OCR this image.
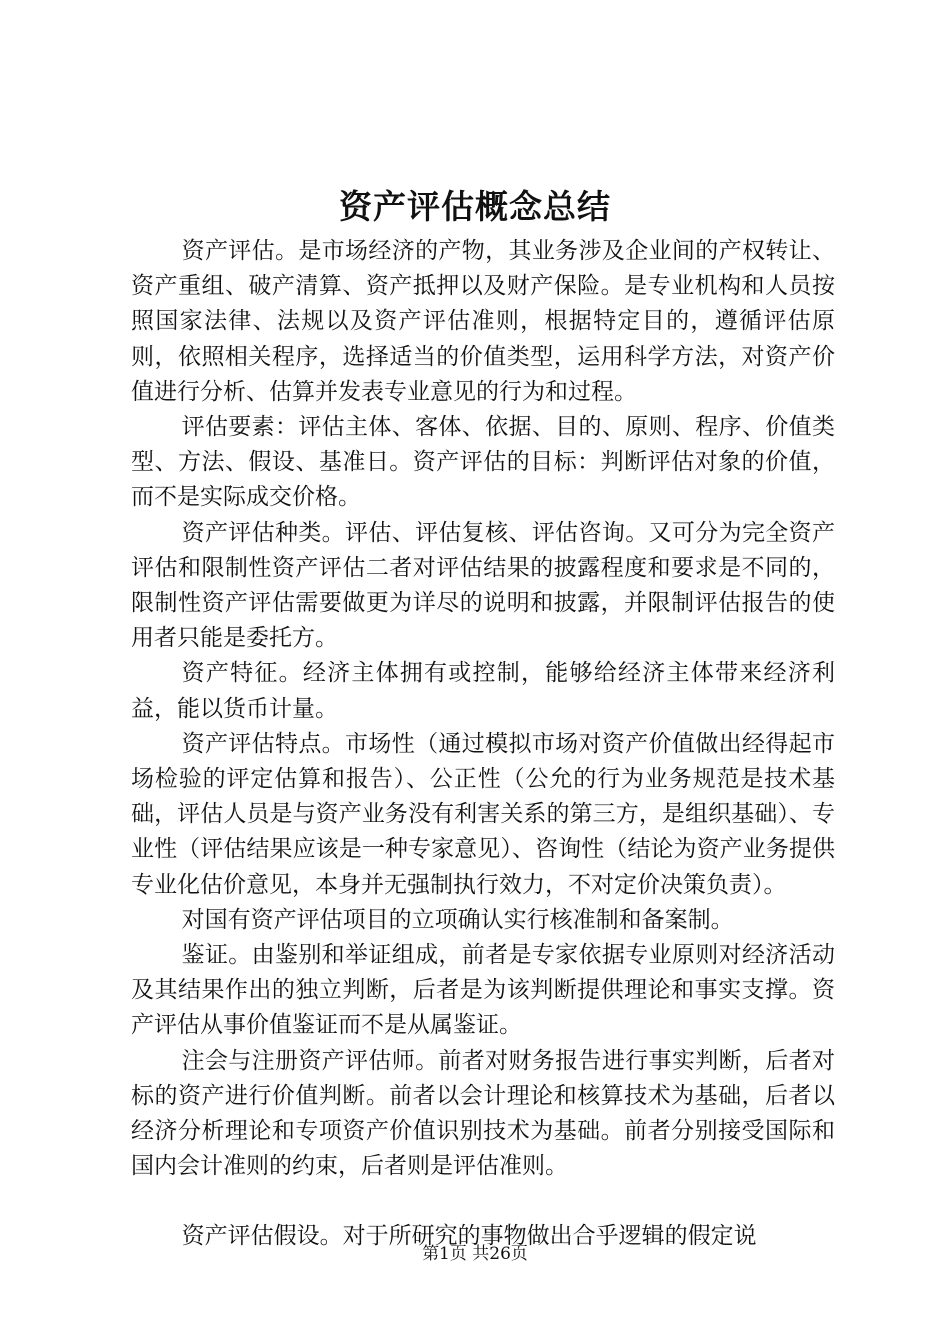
资产评估概念总结

资产评估。是市场经济的产物，其业务涉及企业间的产权转让、资产重组、破产清算、资产抵押以及财产保险。是专业机构和人员按照国家法律、法规以及资产评估准则，根据特定目的，遵循评估原则，依照相关程序，选择适当的价值类型，运用科学方法，对资产价值进行分析、估算并发表专业意见的行为和过程。

评估要素：评估主体、客体、依据、目的、原则、程序、价值类型、方法、假设、基准日。资产评估的目标：判断评估对象的价值，而不是实际成交价格。

资产评估种类。评估、评估复核、评估咨询。又可分为完全资产评估和限制性资产评估二者对评估结果的披露程度和要求是不同的，限制性资产评估需要做更为详尽的说明和披露，并限制评估报告的使用者只能是委托方。

资产特征。经济主体拥有或控制，能够给经济主体带来经济利益，能以货币计量。

资产评估特点。市场性（通过模拟市场对资产价值做出经得起市场检验的评定估算和报告）、公正性（公允的行为业务规范是技术基础，评估人员是与资产业务没有利害关系的第三方，是组织基础）、专业性（评估结果应该是一种专家意见）、咨询性（结论为资产业务提供专业化估价意见，本身并无强制执行效力，不对定价决策负责）。

对国有资产评估项目的立项确认实行核准制和备案制。

鉴证。由鉴别和举证组成，前者是专家依据专业原则对经济活动及其结果作出的独立判断，后者是为该判断提供理论和事实支撑。资产评估从事价值鉴证而不是从属鉴证。

注会与注册资产评估师。前者对财务报告进行事实判断，后者对标的资产进行价值判断。前者以会计理论和核算技术为基础，后者以经济分析理论和专项资产价值识别技术为基础。前者分别接受国际和国内会计准则的约束，后者则是评估准则。

资产评估假设。对于所研究的事物做出合乎逻辑的假定说

第1页 共26页
